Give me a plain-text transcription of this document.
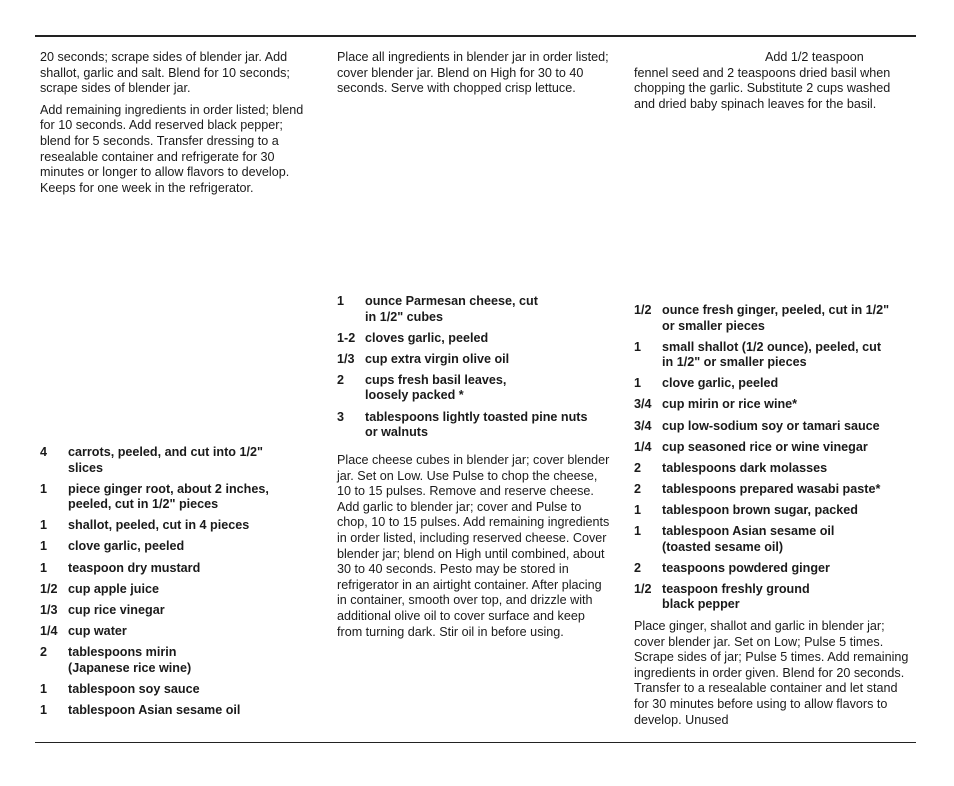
20 seconds; scrape sides of blender jar. Add shallot, garlic and salt. Blend for 10 seconds; scrape sides of blender jar.

Add remaining ingredients in order listed; blend for 10 seconds. Add reserved black pepper; blend for 5 seconds. Transfer dressing to a resealable container and refrigerate for 30 minutes or longer to allow flavors to develop. Keeps for one week in the refrigerator.

4 carrots, peeled, and cut into 1/2" slices
1 piece ginger root, about 2 inches, peeled, cut in 1/2" pieces
1 shallot, peeled, cut in 4 pieces
1 clove garlic, peeled
1 teaspoon dry mustard
1/2 cup apple juice
1/3 cup rice vinegar
1/4 cup water
2 tablespoons mirin (Japanese rice wine)
1 tablespoon soy sauce
1 tablespoon Asian sesame oil

Place all ingredients in blender jar in order listed; cover blender jar. Blend on High for 30 to 40 seconds. Serve with chopped crisp lettuce.

1 ounce Parmesan cheese, cut in 1/2" cubes
1-2 cloves garlic, peeled
1/3 cup extra virgin olive oil
2 cups fresh basil leaves, loosely packed *
3 tablespoons lightly toasted pine nuts or walnuts

Place cheese cubes in blender jar; cover blender jar. Set on Low. Use Pulse to chop the cheese, 10 to 15 pulses. Remove and reserve cheese. Add garlic to blender jar; cover and Pulse to chop, 10 to 15 pulses. Add remaining ingredients in order listed, including reserved cheese. Cover blender jar; blend on High until combined, about 30 to 40 seconds. Pesto may be stored in refrigerator in an airtight container. After placing in container, smooth over top, and drizzle with additional olive oil to cover surface and keep from turning dark. Stir oil in before using.

Add 1/2 teaspoon
fennel seed and 2 teaspoons dried basil when chopping the garlic. Substitute 2 cups washed and dried baby spinach leaves for the basil.

1/2 ounce fresh ginger, peeled, cut in 1/2" or smaller pieces
1 small shallot (1/2 ounce), peeled, cut in 1/2" or smaller pieces
1 clove garlic, peeled
3/4 cup mirin or rice wine*
3/4 cup low-sodium soy or tamari sauce
1/4 cup seasoned rice or wine vinegar
2 tablespoons dark molasses
2 tablespoons prepared wasabi paste*
1 tablespoon brown sugar, packed
1 tablespoon Asian sesame oil (toasted sesame oil)
2 teaspoons powdered ginger
1/2 teaspoon freshly ground black pepper

Place ginger, shallot and garlic in blender jar; cover blender jar. Set on Low; Pulse 5 times. Scrape sides of jar; Pulse 5 times. Add remaining ingredients in order given. Blend for 20 seconds. Transfer to a resealable container and let stand for 30 minutes before using to allow flavors to develop. Unused
